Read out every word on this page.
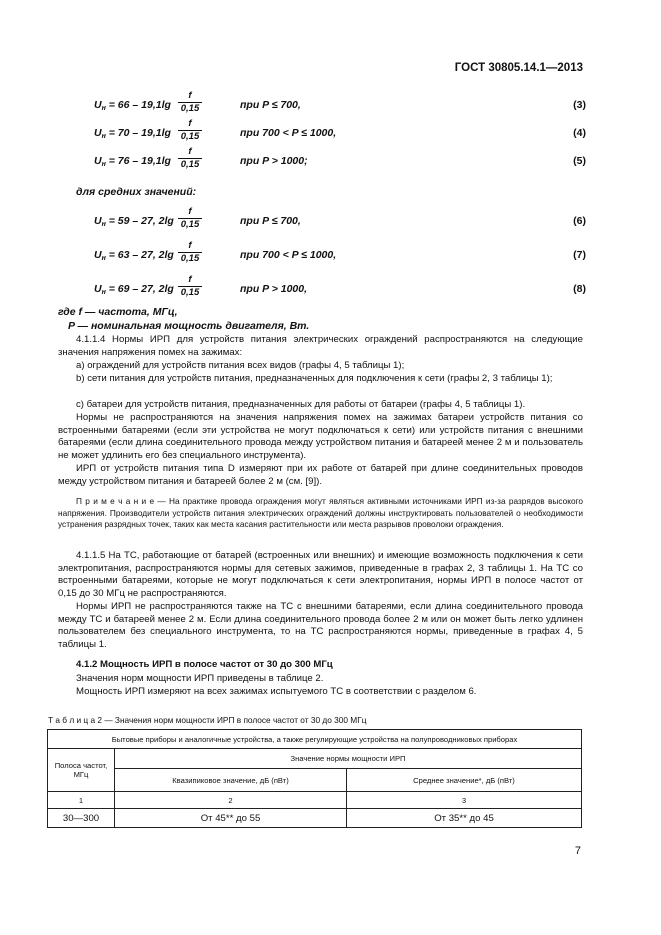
ГОСТ 30805.14.1—2013
$U_н = 66 - 19,1\lg \frac{f}{0,15}$	при P ≤ 700,	(3)
$U_н = 70 - 19,1\lg \frac{f}{0,15}$	при 700 < P ≤ 1000,	(4)
$U_н = 76 - 19,1\lg \frac{f}{0,15}$	при P > 1000;	(5)
для средних значений:
$U_н = 59 - 27$, $2\lg \frac{f}{0,15}$	при P ≤ 700,	(6)
$U_н = 63 - 27$, $2\lg \frac{f}{0,15}$	при 700 < P ≤ 1000,	(7)
$U_н = 69 - 27$, $2\lg \frac{f}{0,15}$	при P > 1000,	(8)
где f — частота, МГц,
P — номинальная мощность двигателя, Вт.
4.1.1.4 Нормы ИРП для устройств питания электрических ограждений распространяются на следующие значения напряжения помех на зажимах:
а) ограждений для устройств питания всех видов (графы 4, 5 таблицы 1);
b) сети питания для устройств питания, предназначенных для подключения к сети (графы 2, 3 таблицы 1);
с) батареи для устройств питания, предназначенных для работы от батареи (графы 4, 5 таблицы 1).
Нормы не распространяются на значения напряжения помех на зажимах батареи устройств питания со встроенными батареями (если эти устройства не могут подключаться к сети) или устройств питания с внешними батареями (если длина соединительного провода между устройством питания и батареей менее 2 м и пользователь не может удлинить его без специального инструмента).
ИРП от устройств питания типа D измеряют при их работе от батарей при длине соединительных проводов между устройством питания и батареей более 2 м (см. [9]).
П р и м е ч а н и е — На практике провода ограждения могут являться активными источниками ИРП из-за разрядов высокого напряжения. Производители устройств питания электрических ограждений должны инструктировать пользователей о необходимости устранения разрядных точек, таких как места касания растительности или места разрывов проволоки ограждения.
4.1.1.5 На ТС, работающие от батарей (встроенных или внешних) и имеющие возможность подключения к сети электропитания, распространяются нормы для сетевых зажимов, приведенные в графах 2, 3 таблицы 1. На ТС со встроенными батареями, которые не могут подключаться к сети электропитания, нормы ИРП в полосе частот от 0,15 до 30 МГц не распространяются.
Нормы ИРП не распространяются также на ТС с внешними батареями, если длина соединительного провода между ТС и батареей менее 2 м. Если длина соединительного провода более 2 м или он может быть легко удлинен пользователем без специального инструмента, то на ТС распространяются нормы, приведенные в графах 4, 5 таблицы 1.
4.1.2 Мощность ИРП в полосе частот от 30 до 300 МГц
Значения норм мощности ИРП приведены в таблице 2.
Мощность ИРП измеряют на всех зажимах испытуемого ТС в соответствии с разделом 6.
Т а б л и ц а 2 — Значения норм мощности ИРП в полосе частот от 30 до 300 МГц
Бытовые приборы и аналогичные устройства, а также регулирующие устройства на полупроводниковых приборах		
Полоса частот, МГц	Значение нормы мощности ИРП	
	Квазипиковое значение, дБ (пВт)	Среднее значение*, дБ (пВт)
1	2	3
30—300	От 45** до 55	От 35** до 45
7
